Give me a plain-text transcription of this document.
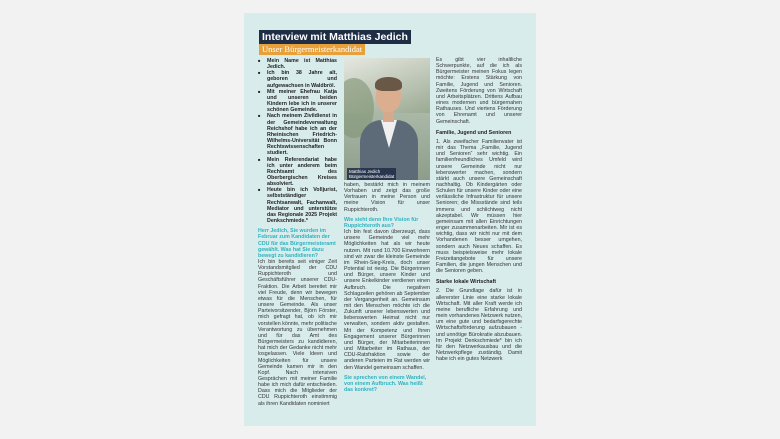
Interview mit Matthias Jedich
Unser Bürgermeisterkandidat
■ Mein Name ist Matthias Jedich.
■ Ich bin 38 Jahre alt, geboren und aufgewachsen in Waldbröl.
■ Mit meiner Ehefrau Katja und unseren beiden Kindern lebe ich in unserer schönen Gemeinde.
■ Nach meinem Zivildienst in der Gemeindeverwaltung Reichshof habe ich an der Rheinischen Friedrich-Wilhelms-Universität Bonn Rechtswissenschaften studiert.
■ Mein Referendariat habe ich unter anderem beim Rechtsamt des Oberbergischen Kreises absolviert.
■ Heute bin ich Volljurist, selbstständiger Rechtsanwalt, Fachanwalt, Mediator und unterstütze das Regionale 2025 Projekt Denkschmiede.*
Herr Jedich, Sie wurden im Februar zum Kandidaten der CDU für das Bürgermeisteramt gewählt. Was hat Sie dazu bewegt zu kandidieren?
Ich bin bereits seit einiger Zeit Vorstandsmitglied der CDU Ruppichteroth und Geschäftsführer unserer CDU-Fraktion. Die Arbeit bereitet mir viel Freude, denn wir bewegen etwas für die Menschen, für unsere Gemeinde. Als unser Parteivorsitzender, Björn Förster, mich gefragt hat, ob ich mir vorstellen könnte, mehr politische Verantwortung zu übernehmen und für das Amt des Bürgermeisters zu kandidieren, hat mich der Gedanke nicht mehr losgelassen. Viele Ideen und Möglichkeiten für unsere Gemeinde kamen mir in den Kopf. Nach intensiven Gesprächen mit meiner Familie habe ich mich dafür entschieden. Dass mich die Mitglieder der CDU Ruppichteroth einstimmig als ihren Kandidaten nominiert
Matthias Jedich
Bürgermeisterkandidat
haben, bestärkt mich in meinem Vorhaben und zeigt das große Vertrauen in meine Person und meine Vision für unser Ruppichteroth.
Wie sieht denn Ihre Vision für Ruppichteroth aus?
Ich bin fest davon überzeugt, dass unsere Gemeinde viel mehr Möglichkeiten hat als wir heute nutzen. Mit rund 10.700 Einwohnern sind wir zwar die kleinste Gemeinde im Rhein-Sieg-Kreis, doch unser Potential ist riesig. Die Bürgerinnen und Bürger, unsere Kinder und unsere Enkelkinder verdienen einen Aufbruch. Die negativen Schlagzeilen gehören ab September der Vergangenheit an. Gemeinsam mit den Menschen möchte ich die Zukunft unserer lebenswerten und liebenswerten Heimat nicht nur verwalten, sondern aktiv gestalten. Mit der Kompetenz und Ihren Engagement unserer Bürgerinnen und Bürger, der Mitarbeiterinnen und Mitarbeiter im Rathaus, der CDU-Ratsfraktion sowie der anderen Parteien im Rat werden wir den Wandel gemeinsam schaffen.
Sie sprechen von einem Wandel, von einem Aufbruch. Was heißt das konkret?
Es gibt vier inhaltliche Schwerpunkte, auf die ich als Bürgermeister meinen Fokus legen möchte: Erstens Stärkung von Familie, Jugend und Senioren. Zweitens Förderung von Wirtschaft und Arbeitsplätzen. Drittens Aufbau eines modernen und bürgernahen Rathauses. Und viertens Förderung von Ehrenamt und unserer Gemeinschaft.
Familie, Jugend und Senioren
1. Als zweifacher Familienvater ist mir das Thema „Familie, Jugend und Senioren“ sehr wichtig. Ein familienfreundliches Umfeld wird unsere Gemeinde nicht nur lebenswerter machen, sondern stärkt auch unsere Gemeinschaft nachhaltig. Ob Kindergärten oder Schulen für unsere Kinder oder eine verlässliche Infrastruktur für unsere Senioren; die Missstände sind teils immens und schlichtweg nicht akzeptabel. Wir müssen hier gemeinsam mit allen Einrichtungen enger zusammenarbeiten. Mir ist es wichtig, dass wir nicht nur mit dem Vorhandenen besser umgehen, sondern auch Neues schaffen. Es muss beispielsweise mehr lokale Freizeitangebote für unsere Familien, die jungen Menschen und die Senioren geben.
Starke lokale Wirtschaft
2. Die Grundlage dafür ist in allererster Linie eine starke lokale Wirtschaft. Mit aller Kraft werde ich meine berufliche Erfahrung und mein vorhandenes Netzwerk nutzen, um eine gute und bedarfsgerechte Wirtschaftsförderung aufzubauen - und unnötige Bürokratie abzubauen. Im Projekt Denkschmiede* bin ich für den Netzwerkausbau und die Netzwerkpflege zuständig. Damit habe ich ein gutes Netzwerk
